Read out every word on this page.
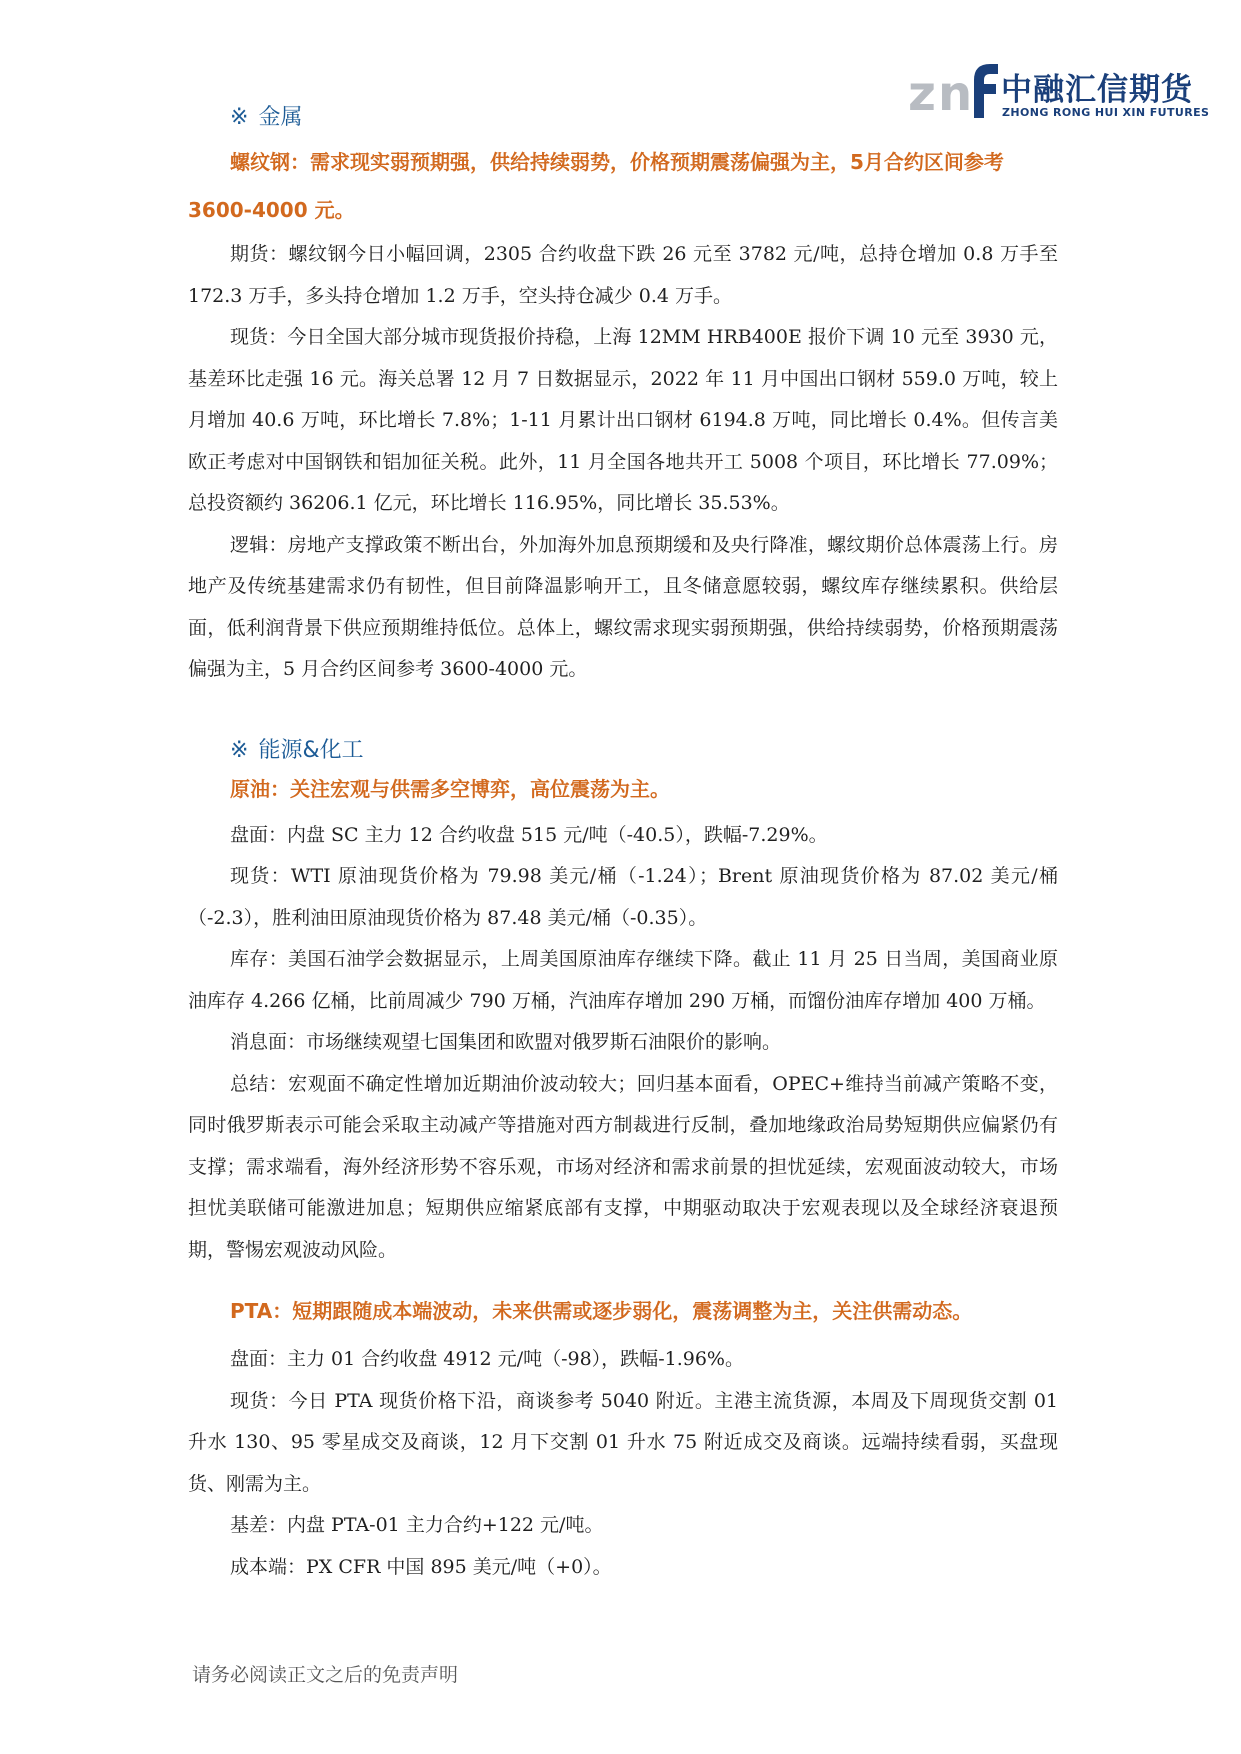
z n 中融汇信期货
ZHONG RONG HUI XIN FUTURES
※ 金属

螺纹钢：需求现实弱预期强，供给持续弱势，价格预期震荡偏强为主，5月合约区间参考 3600-4000 元。

期货：螺纹钢今日小幅回调，2305 合约收盘下跌 26 元至 3782 元/吨，总持仓增加 0.8 万手至 172.3 万手，多头持仓增加 1.2 万手，空头持仓减少 0.4 万手。

现货：今日全国大部分城市现货报价持稳，上海 12MM HRB400E 报价下调 10 元至 3930 元，基差环比走强 16 元。海关总署 12 月 7 日数据显示，2022 年 11 月中国出口钢材 559.0 万吨，较上月增加 40.6 万吨，环比增长 7.8%；1-11 月累计出口钢材 6194.8 万吨，同比增长 0.4%。但传言美欧正考虑对中国钢铁和铝加征关税。此外，11 月全国各地共开工 5008 个项目，环比增长 77.09%；总投资额约 36206.1 亿元，环比增长 116.95%，同比增长 35.53%。

逻辑：房地产支撑政策不断出台，外加海外加息预期缓和及央行降准，螺纹期价总体震荡上行。房地产及传统基建需求仍有韧性，但目前降温影响开工，且冬储意愿较弱，螺纹库存继续累积。供给层面，低利润背景下供应预期维持低位。总体上，螺纹需求现实弱预期强，供给持续弱势，价格预期震荡偏强为主，5 月合约区间参考 3600-4000 元。

※ 能源&化工

原油：关注宏观与供需多空博弈，高位震荡为主。

盘面：内盘 SC 主力 12 合约收盘 515 元/吨（-40.5），跌幅-7.29%。

现货：WTI 原油现货价格为 79.98 美元/桶（-1.24）；Brent 原油现货价格为 87.02 美元/桶（-2.3），胜利油田原油现货价格为 87.48 美元/桶（-0.35）。

库存：美国石油学会数据显示，上周美国原油库存继续下降。截止 11 月 25 日当周，美国商业原油库存 4.266 亿桶，比前周减少 790 万桶，汽油库存增加 290 万桶，而馏份油库存增加 400 万桶。

消息面：市场继续观望七国集团和欧盟对俄罗斯石油限价的影响。

总结：宏观面不确定性增加近期油价波动较大；回归基本面看，OPEC+维持当前减产策略不变，同时俄罗斯表示可能会采取主动减产等措施对西方制裁进行反制，叠加地缘政治局势短期供应偏紧仍有支撑；需求端看，海外经济形势不容乐观，市场对经济和需求前景的担忧延续，宏观面波动较大，市场担忧美联储可能激进加息；短期供应缩紧底部有支撑，中期驱动取决于宏观表现以及全球经济衰退预期，警惕宏观波动风险。

PTA：短期跟随成本端波动，未来供需或逐步弱化，震荡调整为主，关注供需动态。

盘面：主力 01 合约收盘 4912 元/吨（-98），跌幅-1.96%。

现货：今日 PTA 现货价格下沿，商谈参考 5040 附近。主港主流货源，本周及下周现货交割 01 升水 130、95 零星成交及商谈，12 月下交割 01 升水 75 附近成交及商谈。远端持续看弱，买盘现货、刚需为主。

基差：内盘 PTA-01 主力合约+122 元/吨。

成本端：PX CFR 中国 895 美元/吨（+0）。

请务必阅读正文之后的免责声明
